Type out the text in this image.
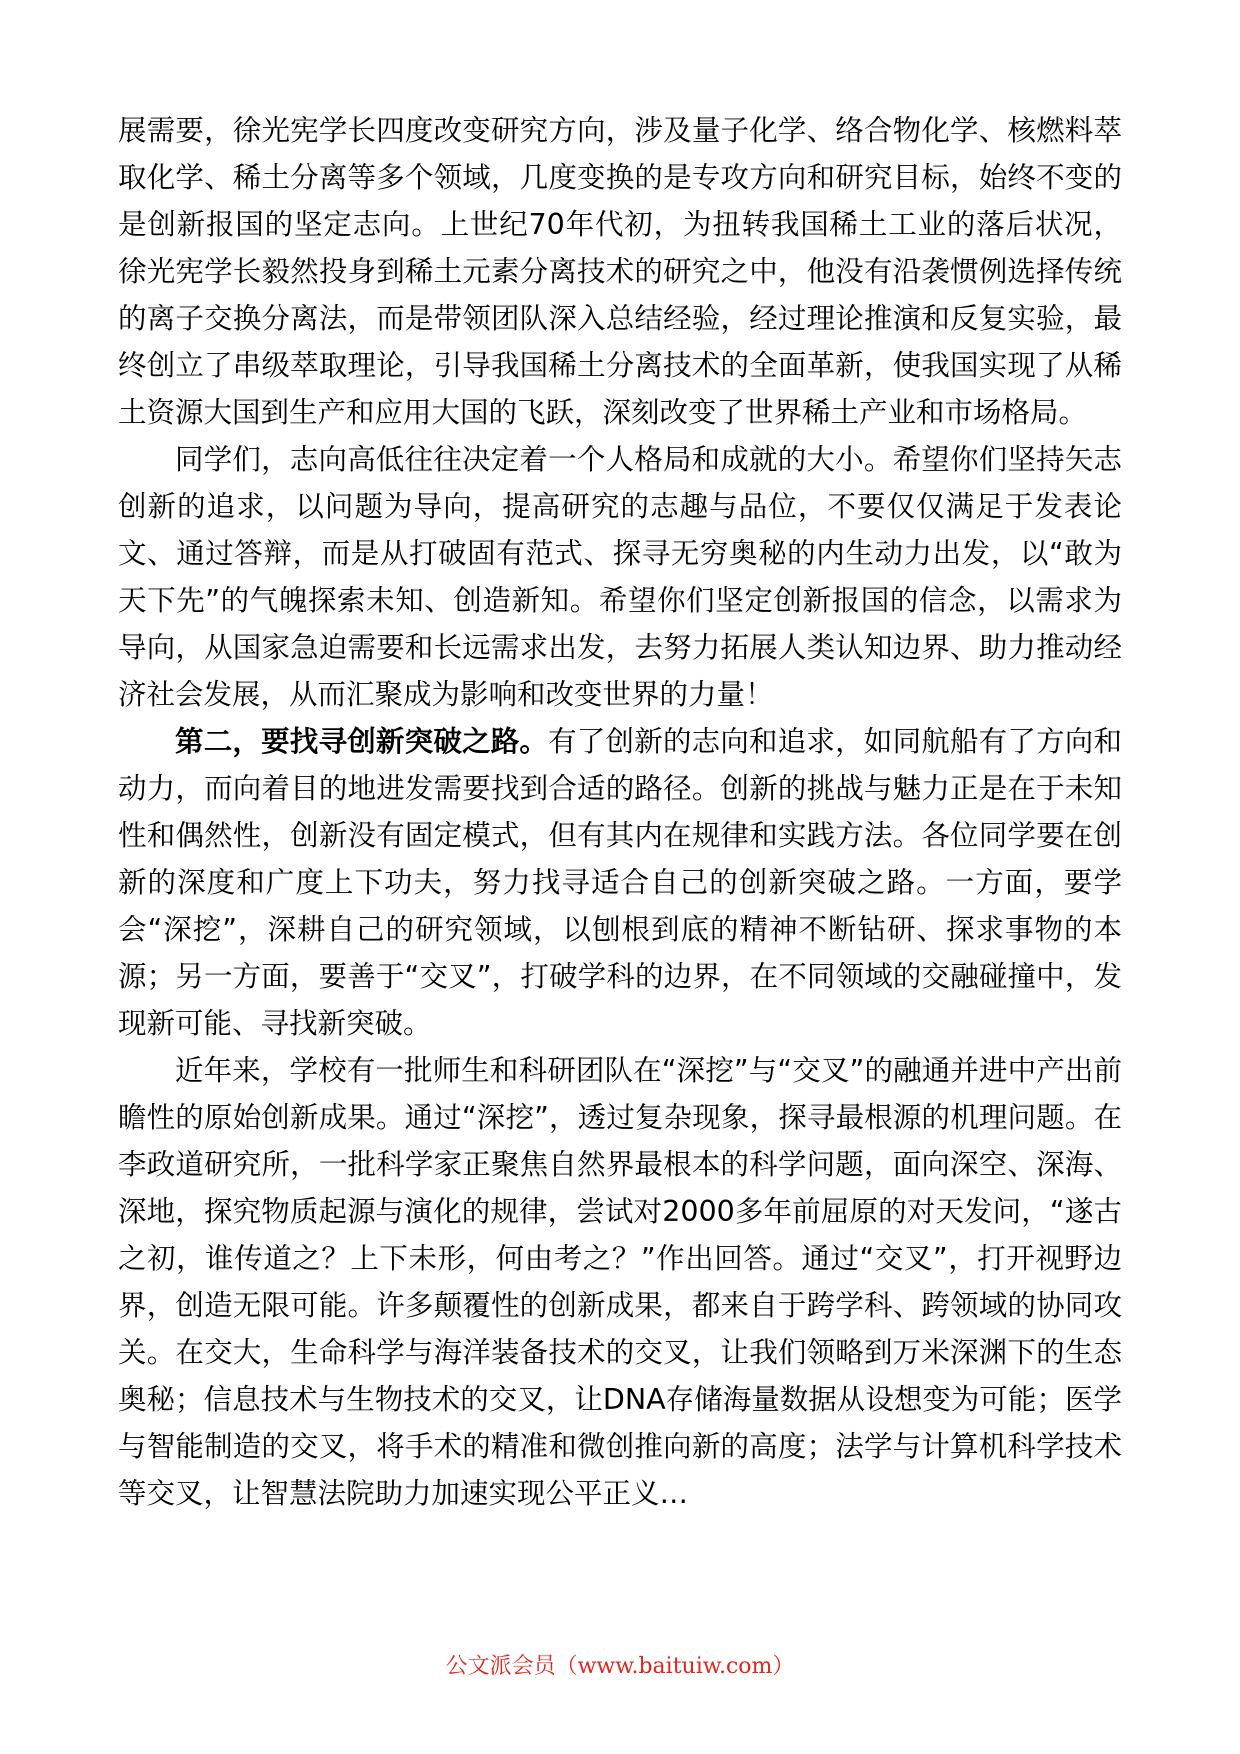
展需要，徐光宪学长四度改变研究方向，涉及量子化学、络合物化学、核燃料萃取化学、稀土分离等多个领域，几度变换的是专攻方向和研究目标，始终不变的是创新报国的坚定志向。上世纪70年代初，为扭转我国稀土工业的落后状况，徐光宪学长毅然投身到稀土元素分离技术的研究之中，他没有沿袭惯例选择传统的离子交换分离法，而是带领团队深入总结经验，经过理论推演和反复实验，最终创立了串级萃取理论，引导我国稀土分离技术的全面革新，使我国实现了从稀土资源大国到生产和应用大国的飞跃，深刻改变了世界稀土产业和市场格局。

同学们，志向高低往往决定着一个人格局和成就的大小。希望你们坚持矢志创新的追求，以问题为导向，提高研究的志趣与品位，不要仅仅满足于发表论文、通过答辩，而是从打破固有范式、探寻无穷奥秘的内生动力出发，以“敢为天下先”的气魄探索未知、创造新知。希望你们坚定创新报国的信念，以需求为导向，从国家急迫需要和长远需求出发，去努力拓展人类认知边界、助力推动经济社会发展，从而汇聚成为影响和改变世界的力量！

第二，要找寻创新突破之路。有了创新的志向和追求，如同航船有了方向和动力，而向着目的地进发需要找到合适的路径。创新的挑战与魅力正是在于未知性和偶然性，创新没有固定模式，但有其内在规律和实践方法。各位同学要在创新的深度和广度上下功夫，努力找寻适合自己的创新突破之路。一方面，要学会“深挖”，深耕自己的研究领域，以刨根到底的精神不断钻研、探求事物的本源；另一方面，要善于“交叉”，打破学科的边界，在不同领域的交融碰撞中，发现新可能、寻找新突破。

近年来，学校有一批师生和科研团队在“深挖”与“交叉”的融通并进中产出前瞻性的原始创新成果。通过“深挖”，透过复杂现象，探寻最根源的机理问题。在李政道研究所，一批科学家正聚焦自然界最根本的科学问题，面向深空、深海、深地，探究物质起源与演化的规律，尝试对2000多年前屈原的对天发问，“遂古之初，谁传道之？上下未形，何由考之？”作出回答。通过“交叉”，打开视野边界，创造无限可能。许多颠覆性的创新成果，都来自于跨学科、跨领域的协同攻关。在交大，生命科学与海洋装备技术的交叉，让我们领略到万米深渊下的生态奥秘；信息技术与生物技术的交叉，让DNA存储海量数据从设想变为可能；医学与智能制造的交叉，将手术的精准和微创推向新的高度；法学与计算机科学技术等交叉，让智慧法院助力加速实现公平正义…

公文派会员（www.baituiw.com）
